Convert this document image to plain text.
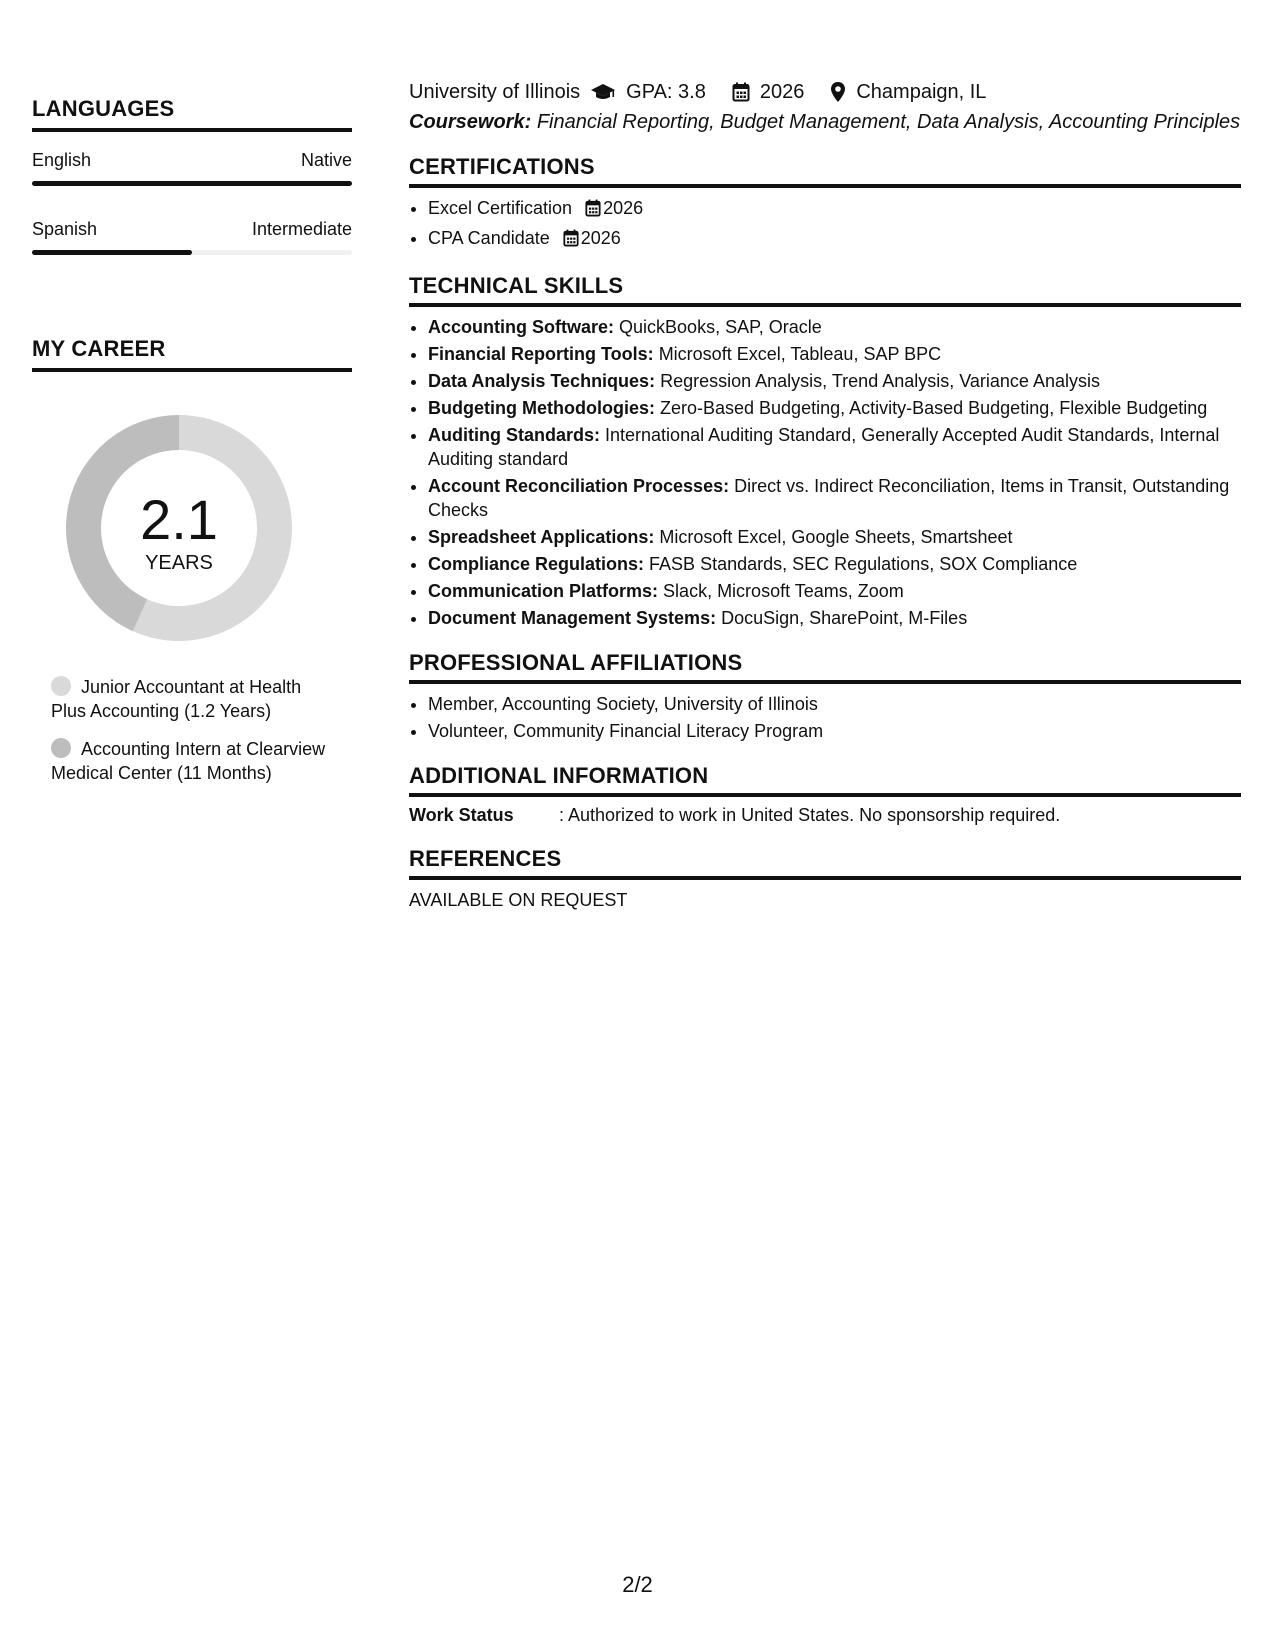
LANGUAGES
English	Native
Spanish	Intermediate
MY CAREER
2.1
YEARS
Junior Accountant at Health Plus Accounting (1.2 Years)
Accounting Intern at Clearview Medical Center (11 Months)
University of Illinois GPA: 3.8	2026	Champaign, IL
Coursework: Financial Reporting, Budget Management, Data Analysis, Accounting Principles
CERTIFICATIONS
• Excel Certification 2026
• CPA Candidate 2026
TECHNICAL SKILLS
• Accounting Software: QuickBooks, SAP, Oracle
• Financial Reporting Tools: Microsoft Excel, Tableau, SAP BPC
• Data Analysis Techniques: Regression Analysis, Trend Analysis, Variance Analysis
• Budgeting Methodologies: Zero-Based Budgeting, Activity-Based Budgeting, Flexible Budgeting
• Auditing Standards: International Auditing Standard, Generally Accepted Audit Standards, Internal Auditing standard
• Account Reconciliation Processes: Direct vs. Indirect Reconciliation, Items in Transit, Outstanding Checks
• Spreadsheet Applications: Microsoft Excel, Google Sheets, Smartsheet
• Compliance Regulations: FASB Standards, SEC Regulations, SOX Compliance
• Communication Platforms: Slack, Microsoft Teams, Zoom
• Document Management Systems: DocuSign, SharePoint, M-Files
PROFESSIONAL AFFILIATIONS
• Member, Accounting Society, University of Illinois
• Volunteer, Community Financial Literacy Program
ADDITIONAL INFORMATION
Work Status	: Authorized to work in United States. No sponsorship required.
REFERENCES
AVAILABLE ON REQUEST
2/2
